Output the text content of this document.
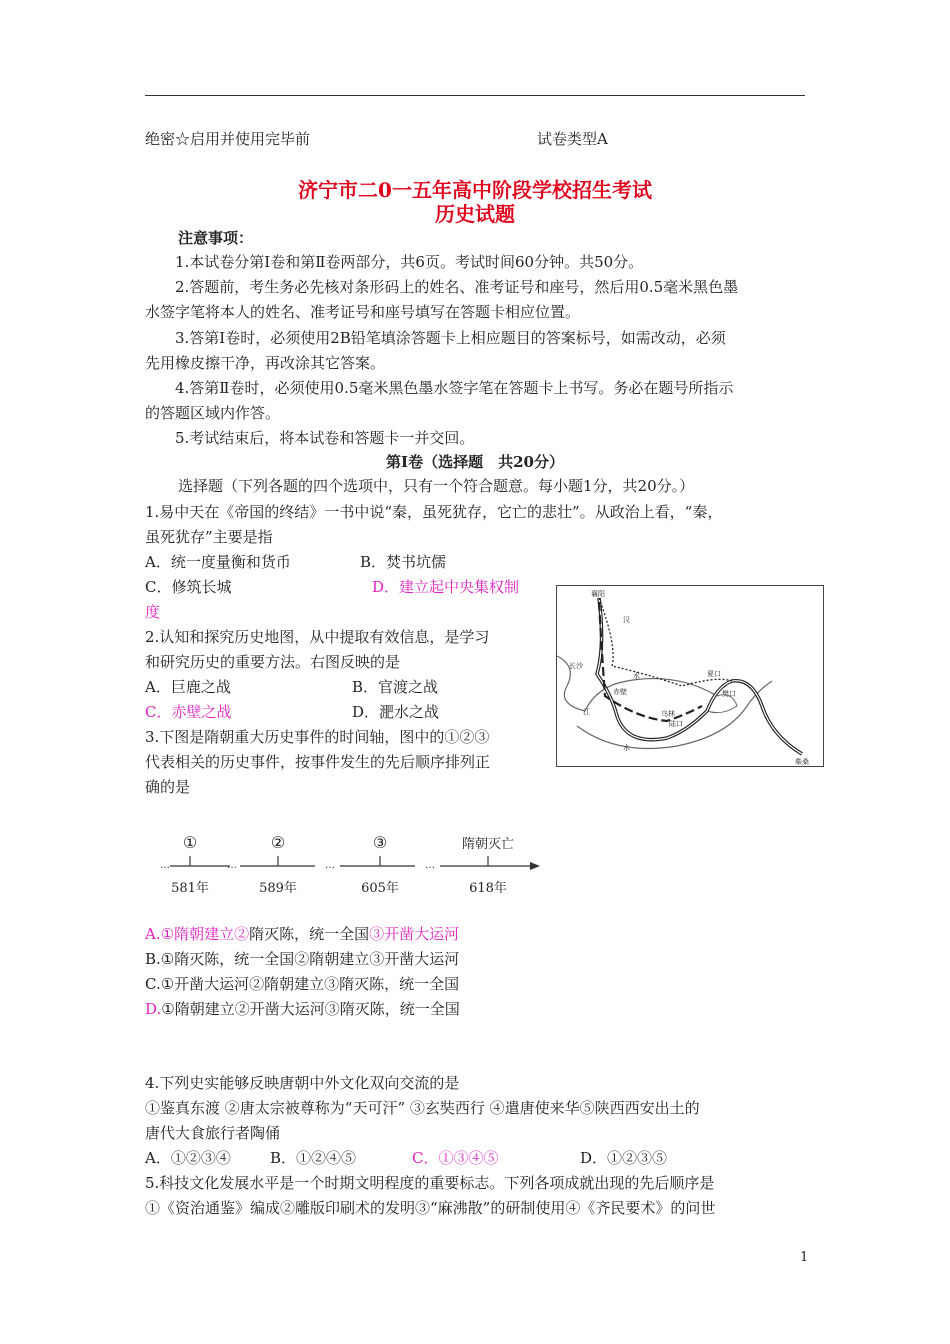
绝密☆启用并使用完毕前	试卷类型A
济宁市二0一五年高中阶段学校招生考试
历史试题
注意事项：
1.本试卷分第Ⅰ卷和第Ⅱ卷两部分，共6页。考试时间60分钟。共50分。
2.答题前，考生务必先核对条形码上的姓名、准考证号和座号，然后用0.5毫米黑色墨
水签字笔将本人的姓名、准考证号和座号填写在答题卡相应位置。
3.答第Ⅰ卷时，必须使用2B铅笔填涂答题卡上相应题目的答案标号，如需改动，必须
先用橡皮擦干净，再改涂其它答案。
4.答第Ⅱ卷时，必须使用0.5毫米黑色墨水签字笔在答题卡上书写。务必在题号所指示
的答题区域内作答。
5.考试结束后，将本试卷和答题卡一并交回。
第Ⅰ卷（选择题　共20分）
选择题（下列各题的四个选项中，只有一个符合题意。每小题1分，共20分。）
1.易中天在《帝国的终结》一书中说“秦，虽死犹存，它亡的悲壮”。从政治上看，“秦，
虽死犹存”主要是指
A．统一度量衡和货币	B．焚书坑儒
C．修筑长城	D．建立起中央集权制
度
2.认知和探究历史地图，从中提取有效信息，是学习
和研究历史的重要方法。右图反映的是
A．巨鹿之战	B．官渡之战
C．赤壁之战	D．淝水之战
襄阳
汉
长沙
水	夏口
樊口
江	乌林
陆口
水
柴桑
赤壁
3.下图是隋朝重大历史事件的时间轴，图中的①②③
代表相关的历史事件，按事件发生的先后顺序排列正
确的是
…	…	…	…
①	②	③	隋朝灭亡
581年	589年	605年	618年
A.①隋朝建立②隋灭陈，统一全国③开凿大运河
B.①隋灭陈，统一全国②隋朝建立③开凿大运河
C.①开凿大运河②隋朝建立③隋灭陈，统一全国
D.①隋朝建立②开凿大运河③隋灭陈，统一全国
4.下列史实能够反映唐朝中外文化双向交流的是
①鉴真东渡 ②唐太宗被尊称为“天可汗” ③玄奘西行 ④遣唐使来华⑤陕西西安出土的
唐代大食旅行者陶俑
A．①②③④	B．①②④⑤	C．①③④⑤	D．①②③⑤
5.科技文化发展水平是一个时期文明程度的重要标志。下列各项成就出现的先后顺序是
①《资治通鉴》编成②雕版印刷术的发明③“麻沸散”的研制使用④《齐民要术》的问世
1
